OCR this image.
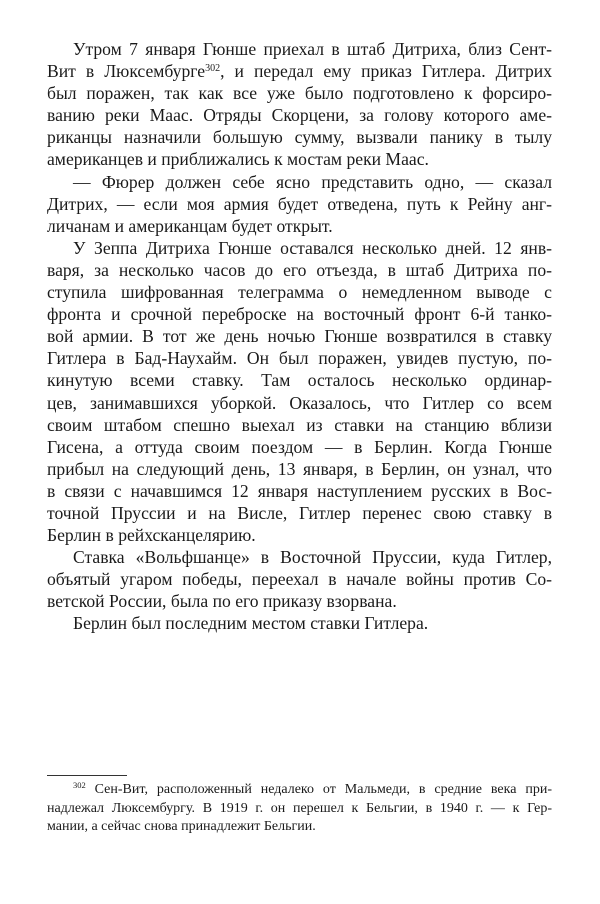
Утром 7 января Гюнше приехал в штаб Дитриха, близ Сент-
Вит в Люксембурге$^{302}$, и передал ему приказ Гитлера. Дитрих
был поражен, так как все уже было подготовлено к форсиро-
ванию реки Маас. Отряды Скорцени, за голову которого аме-
риканцы назначили большую сумму, вызвали панику в тылу
американцев и приближались к мостам реки Маас.
— Фюрер должен себе ясно представить одно, — сказал
Дитрих, — если моя армия будет отведена, путь к Рейну анг-
личанам и американцам будет открыт.
У Зеппа Дитриха Гюнше оставался несколько дней. 12 янв-
варя, за несколько часов до его отъезда, в штаб Дитриха по-
ступила шифрованная телеграмма о немедленном выводе с
фронта и срочной переброске на восточный фронт 6-й танко-
вой армии. В тот же день ночью Гюнше возвратился в ставку
Гитлера в Бад-Наухайм. Он был поражен, увидев пустую, по-
кинутую всеми ставку. Там осталось несколько ординар-
цев, занимавшихся уборкой. Оказалось, что Гитлер со всем
своим штабом спешно выехал из ставки на станцию вблизи
Гисена, а оттуда своим поездом — в Берлин. Когда Гюнше
прибыл на следующий день, 13 января, в Берлин, он узнал, что
в связи с начавшимся 12 января наступлением русских в Вос-
точной Пруссии и на Висле, Гитлер перенес свою ставку в
Берлин в рейхсканцелярию.
Ставка «Вольфшанце» в Восточной Пруссии, куда Гитлер,
объятый угаром победы, переехал в начале войны против Со-
ветской России, была по его приказу взорвана.
Берлин был последним местом ставки Гитлера.
$^{302}$ Сен-Вит, расположенный недалеко от Мальмеди, в средние века при-
надлежал Люксембургу. В 1919 г. он перешел к Бельгии, в 1940 г. — к Гер-
мании, а сейчас снова принадлежит Бельгии.
